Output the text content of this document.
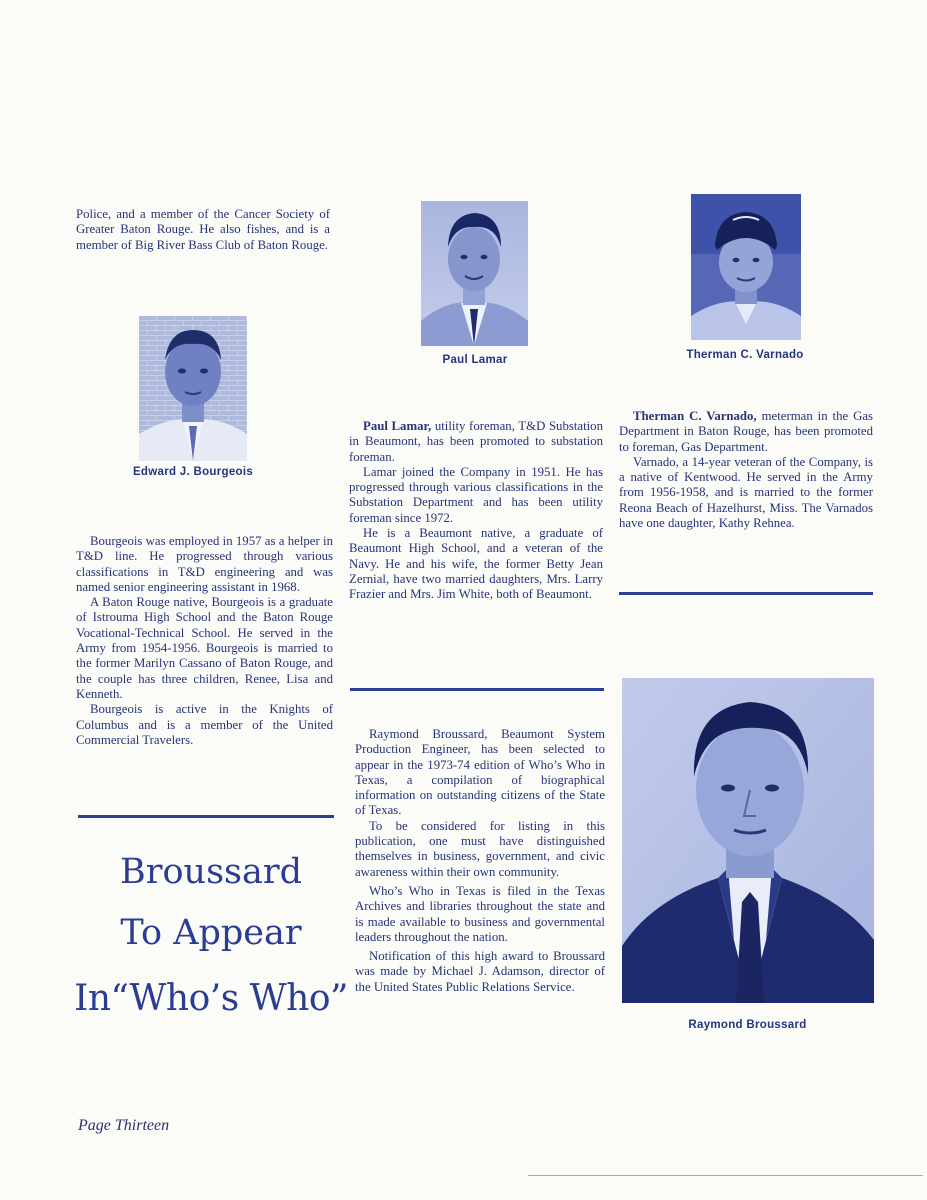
Police, and a member of the Cancer Society of Greater Baton Rouge. He also fishes, and is a member of Big River Bass Club of Baton Rouge.

Edward J. Bourgeois

Bourgeois was employed in 1957 as a helper in T&D line. He progressed through various classifications in T&D engineering and was named senior engineering assistant in 1968.

A Baton Rouge native, Bourgeois is a graduate of Istrouma High School and the Baton Rouge Vocational-Technical School. He served in the Army from 1954-1956. Bourgeois is married to the former Marilyn Cassano of Baton Rouge, and the couple has three children, Renee, Lisa and Kenneth.

Bourgeois is active in the Knights of Columbus and is a member of the United Commercial Travelers.

Broussard
To Appear
In“Who’s Who”
Paul Lamar

Paul Lamar, utility foreman, T&D Substation in Beaumont, has been promoted to substation foreman.

Lamar joined the Company in 1951. He has progressed through various classifications in the Substation Department and has been utility foreman since 1972.

He is a Beaumont native, a graduate of Beaumont High School, and a veteran of the Navy. He and his wife, the former Betty Jean Zernial, have two married daughters, Mrs. Larry Frazier and Mrs. Jim White, both of Beaumont.

Therman C. Varnado

Therman C. Varnado, meterman in the Gas Department in Baton Rouge, has been promoted to foreman, Gas Department.

Varnado, a 14-year veteran of the Company, is a native of Kentwood. He served in the Army from 1956-1958, and is married to the former Reona Beach of Hazelhurst, Miss. The Varnados have one daughter, Kathy Rehnea.

Raymond Broussard, Beaumont System Production Engineer, has been selected to appear in the 1973-74 edition of Who’s Who in Texas, a compilation of biographical information on outstanding citizens of the State of Texas.

To be considered for listing in this publication, one must have distinguished themselves in business, government, and civic awareness within their own community.

Who’s Who in Texas is filed in the Texas Archives and libraries throughout the state and is made available to business and governmental leaders throughout the nation.

Notification of this high award to Broussard was made by Michael J. Adamson, director of the United States Public Relations Service.

Raymond Broussard
Page Thirteen
